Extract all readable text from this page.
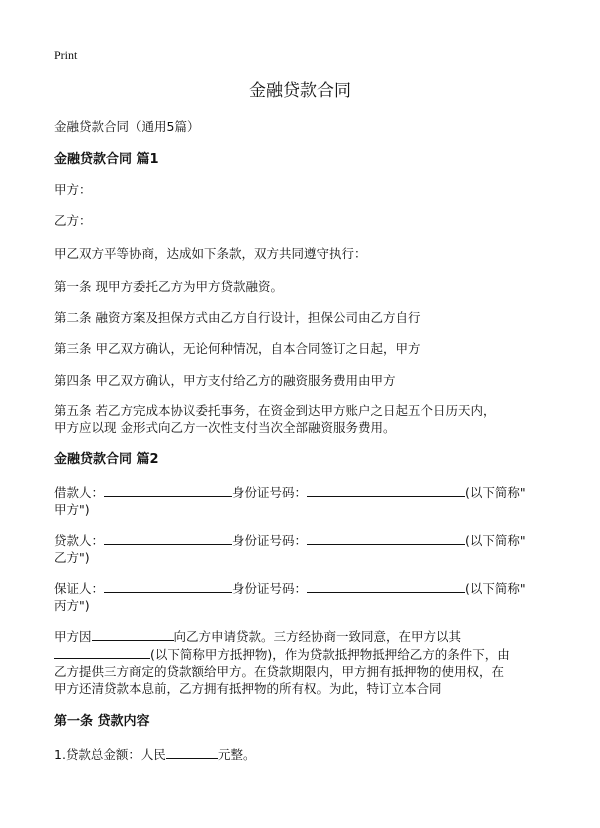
Print
金融贷款合同
金融贷款合同（通用5篇）
金融贷款合同 篇1
甲方：
乙方：
甲乙双方平等协商，达成如下条款，双方共同遵守执行：
第一条 现甲方委托乙方为甲方贷款融资。
第二条 融资方案及担保方式由乙方自行设计，担保公司由乙方自行
第三条 甲乙双方确认，无论何种情况，自本合同签订之日起，甲方
第四条 甲乙双方确认，甲方支付给乙方的融资服务费用由甲方
第五条 若乙方完成本协议委托事务，在资金到达甲方账户之日起五个日历天内，
甲方应以现 金形式向乙方一次性支付当次全部融资服务费用。
金融贷款合同 篇2
借款人：	身份证号码：	(以下简称"
甲方")
贷款人：	身份证号码：	(以下简称"
乙方")
保证人：	身份证号码：	(以下简称"
丙方")
甲方因	向乙方申请贷款。三方经协商一致同意，在甲方以其
(以下简称甲方抵押物)，作为贷款抵押物抵押给乙方的条件下，由
乙方提供三方商定的贷款额给甲方。在贷款期限内，甲方拥有抵押物的使用权，在
甲方还清贷款本息前，乙方拥有抵押物的所有权。为此，特订立本合同
第一条 贷款内容
1.贷款总金额：人民	元整。
